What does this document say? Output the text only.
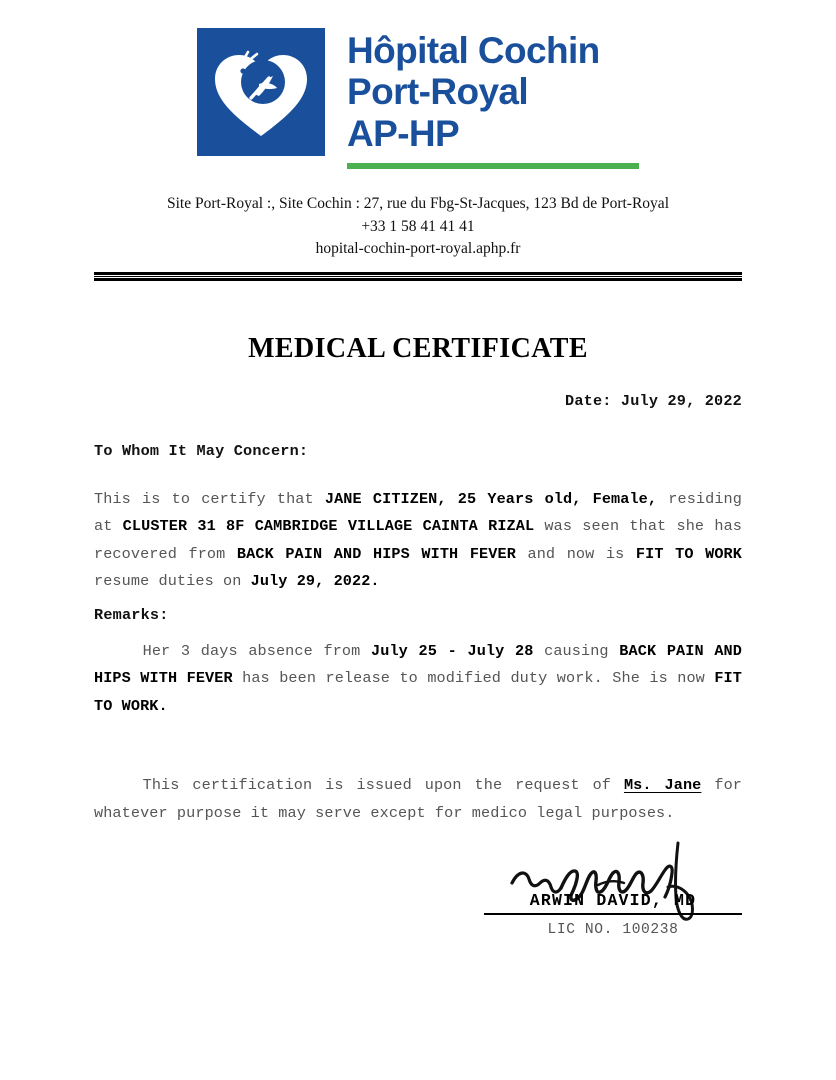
Hôpital Cochin
Port-Royal
AP-HP
Site Port-Royal :, Site Cochin : 27, rue du Fbg-St-Jacques, 123 Bd de Port-Royal
+33 1 58 41 41 41
hopital-cochin-port-royal.aphp.fr
MEDICAL CERTIFICATE
Date: July 29, 2022
To Whom It May Concern:

This is to certify that JANE CITIZEN, 25 Years old, Female, residing at CLUSTER 31 8F CAMBRIDGE VILLAGE CAINTA RIZAL was seen that she has recovered from BACK PAIN AND HIPS WITH FEVER and now is FIT TO WORK resume duties on July 29, 2022.

Remarks:

Her 3 days absence from July 25 - July 28 causing BACK PAIN AND HIPS WITH FEVER has been release to modified duty work. She is now FIT TO WORK.

This certification is issued upon the request of Ms. Jane for whatever purpose it may serve except for medico legal purposes.

ARWIN DAVID, MD
LIC NO. 100238
